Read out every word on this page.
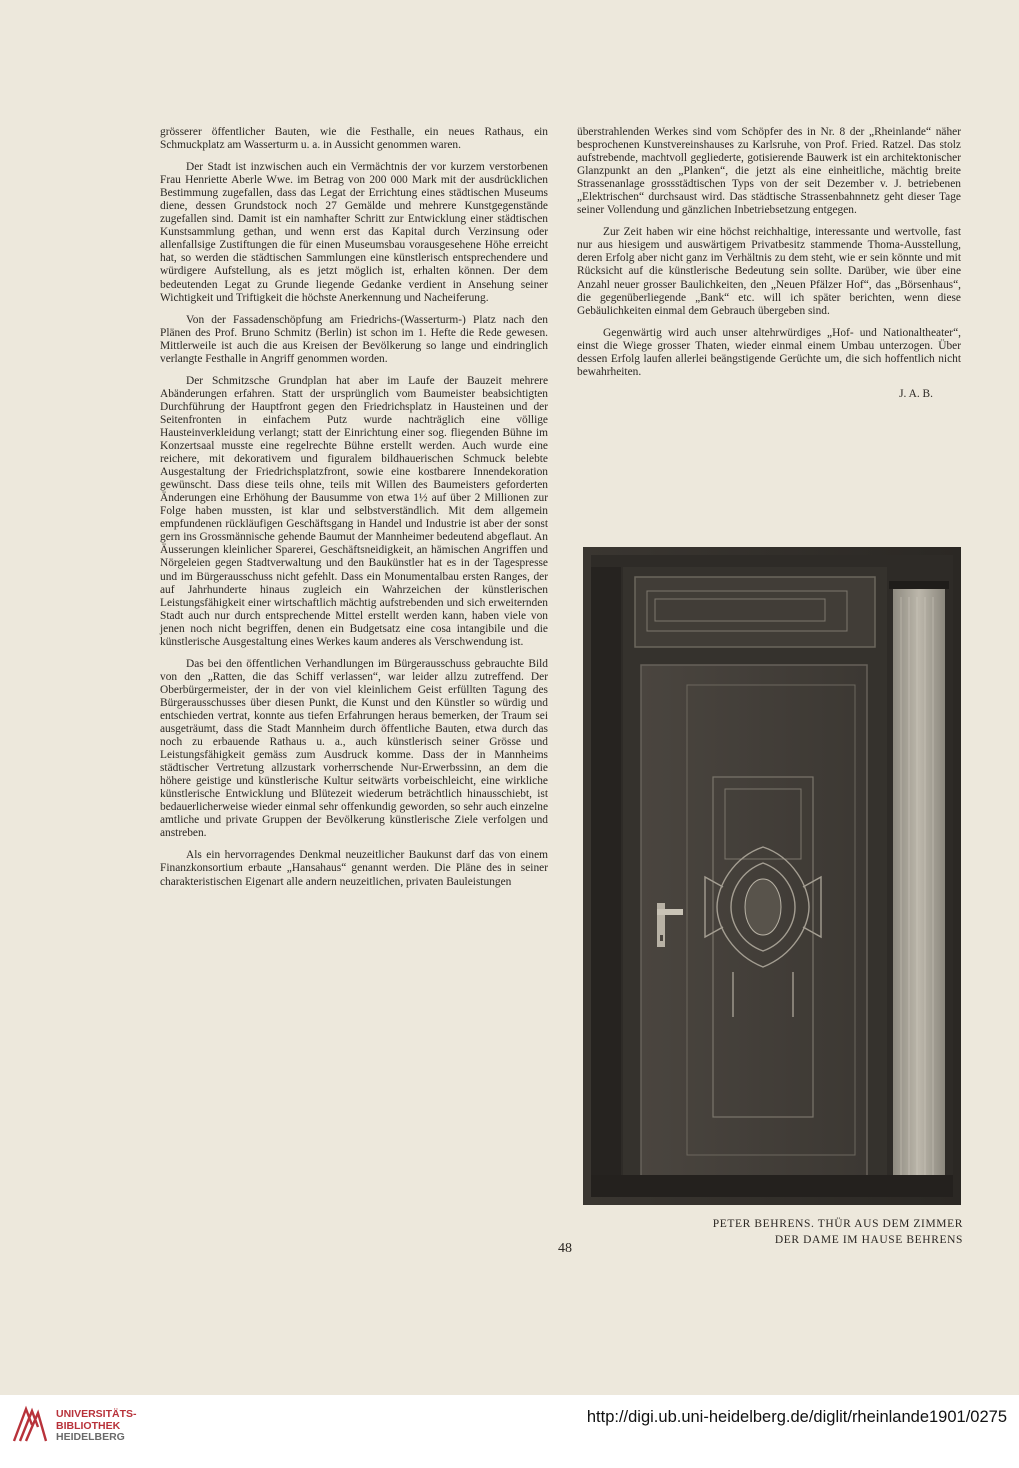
grösserer öffentlicher Bauten, wie die Festhalle, ein neues Rathaus, ein Schmuckplatz am Wasserturm u. a. in Aussicht genommen waren.

Der Stadt ist inzwischen auch ein Vermächtnis der vor kurzem verstorbenen Frau Henriette Aberle Wwe. im Betrag von 200 000 Mark mit der ausdrücklichen Bestimmung zugefallen, dass das Legat der Errichtung eines städtischen Museums diene, dessen Grundstock noch 27 Gemälde und mehrere Kunstgegenstände zugefallen sind. Damit ist ein namhafter Schritt zur Entwicklung einer städtischen Kunstsammlung gethan, und wenn erst das Kapital durch Verzinsung oder allenfallsige Zustiftungen die für einen Museumsbau vorausgesehene Höhe erreicht hat, so werden die städtischen Sammlungen eine künstlerisch entsprechendere und würdigere Aufstellung, als es jetzt möglich ist, erhalten können. Der dem bedeutenden Legat zu Grunde liegende Gedanke verdient in Ansehung seiner Wichtigkeit und Triftigkeit die höchste Anerkennung und Nacheiferung.

Von der Fassadenschöpfung am Friedrichs-(Wasserturm-) Platz nach den Plänen des Prof. Bruno Schmitz (Berlin) ist schon im 1. Hefte die Rede gewesen. Mittlerweile ist auch die aus Kreisen der Bevölkerung so lange und eindringlich verlangte Festhalle in Angriff genommen worden.

Der Schmitzsche Grundplan hat aber im Laufe der Bauzeit mehrere Abänderungen erfahren. Statt der ursprünglich vom Baumeister beabsichtigten Durchführung der Hauptfront gegen den Friedrichsplatz in Hausteinen und der Seitenfronten in einfachem Putz wurde nachträglich eine völlige Hausteinverkleidung verlangt; statt der Einrichtung einer sog. fliegenden Bühne im Konzertsaal musste eine regelrechte Bühne erstellt werden. Auch wurde eine reichere, mit dekorativem und figuralem bildhauerischen Schmuck belebte Ausgestaltung der Friedrichsplatzfront, sowie eine kostbarere Innendekoration gewünscht. Dass diese teils ohne, teils mit Willen des Baumeisters geforderten Änderungen eine Erhöhung der Bausumme von etwa 1½ auf über 2 Millionen zur Folge haben mussten, ist klar und selbstverständlich. Mit dem allgemein empfundenen rückläufigen Geschäftsgang in Handel und Industrie ist aber der sonst gern ins Grossmännische gehende Baumut der Mannheimer bedeutend abgeflaut. An Äusserungen kleinlicher Sparerei, Geschäftsneidigkeit, an hämischen Angriffen und Nörgeleien gegen Stadtverwaltung und den Baukünstler hat es in der Tagespresse und im Bürgerausschuss nicht gefehlt. Dass ein Monumentalbau ersten Ranges, der auf Jahrhunderte hinaus zugleich ein Wahrzeichen der künstlerischen Leistungsfähigkeit einer wirtschaftlich mächtig aufstrebenden und sich erweiternden Stadt auch nur durch entsprechende Mittel erstellt werden kann, haben viele von jenen noch nicht begriffen, denen ein Budgetsatz eine cosa intangibile und die künstlerische Ausgestaltung eines Werkes kaum anderes als Verschwendung ist.

Das bei den öffentlichen Verhandlungen im Bürgerausschuss gebrauchte Bild von den „Ratten, die das Schiff verlassen“, war leider allzu zutreffend. Der Oberbürgermeister, der in der von viel kleinlichem Geist erfüllten Tagung des Bürgerausschusses über diesen Punkt, die Kunst und den Künstler so würdig und entschieden vertrat, konnte aus tiefen Erfahrungen heraus bemerken, der Traum sei ausgeträumt, dass die Stadt Mannheim durch öffentliche Bauten, etwa durch das noch zu erbauende Rathaus u. a., auch künstlerisch seiner Grösse und Leistungsfähigkeit gemäss zum Ausdruck komme. Dass der in Mannheims städtischer Vertretung allzustark vorherrschende Nur-Erwerbssinn, an dem die höhere geistige und künstlerische Kultur seitwärts vorbeischleicht, eine wirkliche künstlerische Entwicklung und Blütezeit wiederum beträchtlich hinausschiebt, ist bedauerlicherweise wieder einmal sehr offenkundig geworden, so sehr auch einzelne amtliche und private Gruppen der Bevölkerung künstlerische Ziele verfolgen und anstreben.

Als ein hervorragendes Denkmal neuzeitlicher Baukunst darf das von einem Finanzkonsortium erbaute „Hansahaus“ genannt werden. Die Pläne des in seiner charakteristischen Eigenart alle andern neuzeitlichen, privaten Bauleistungen

überstrahlenden Werkes sind vom Schöpfer des in Nr. 8 der „Rheinlande“ näher besprochenen Kunstvereinshauses zu Karlsruhe, von Prof. Fried. Ratzel. Das stolz aufstrebende, machtvoll gegliederte, gotisierende Bauwerk ist ein architektonischer Glanzpunkt an den „Planken“, die jetzt als eine einheitliche, mächtig breite Strassenanlage grossstädtischen Typs von der seit Dezember v. J. betriebenen „Elektrischen“ durchsaust wird. Das städtische Strassenbahnnetz geht dieser Tage seiner Vollendung und gänzlichen Inbetriebsetzung entgegen.

Zur Zeit haben wir eine höchst reichhaltige, interessante und wertvolle, fast nur aus hiesigem und auswärtigem Privatbesitz stammende Thoma-Ausstellung, deren Erfolg aber nicht ganz im Verhältnis zu dem steht, wie er sein könnte und mit Rücksicht auf die künstlerische Bedeutung sein sollte. Darüber, wie über eine Anzahl neuer grosser Baulichkeiten, den „Neuen Pfälzer Hof“, das „Börsenhaus“, die gegenüberliegende „Bank“ etc. will ich später berichten, wenn diese Gebäulichkeiten einmal dem Gebrauch übergeben sind.

Gegenwärtig wird auch unser altehrwürdiges „Hof- und Nationaltheater“, einst die Wiege grosser Thaten, wieder einmal einem Umbau unterzogen. Über dessen Erfolg laufen allerlei beängstigende Gerüchte um, die sich hoffentlich nicht bewahrheiten.

J. A. B.

PETER BEHRENS. THÜR AUS DEM ZIMMER
DER DAME IM HAUSE BEHRENS
48
UNIVERSITÄTS-
BIBLIOTHEK
HEIDELBERG
http://digi.ub.uni-heidelberg.de/diglit/rheinlande1901/0275
